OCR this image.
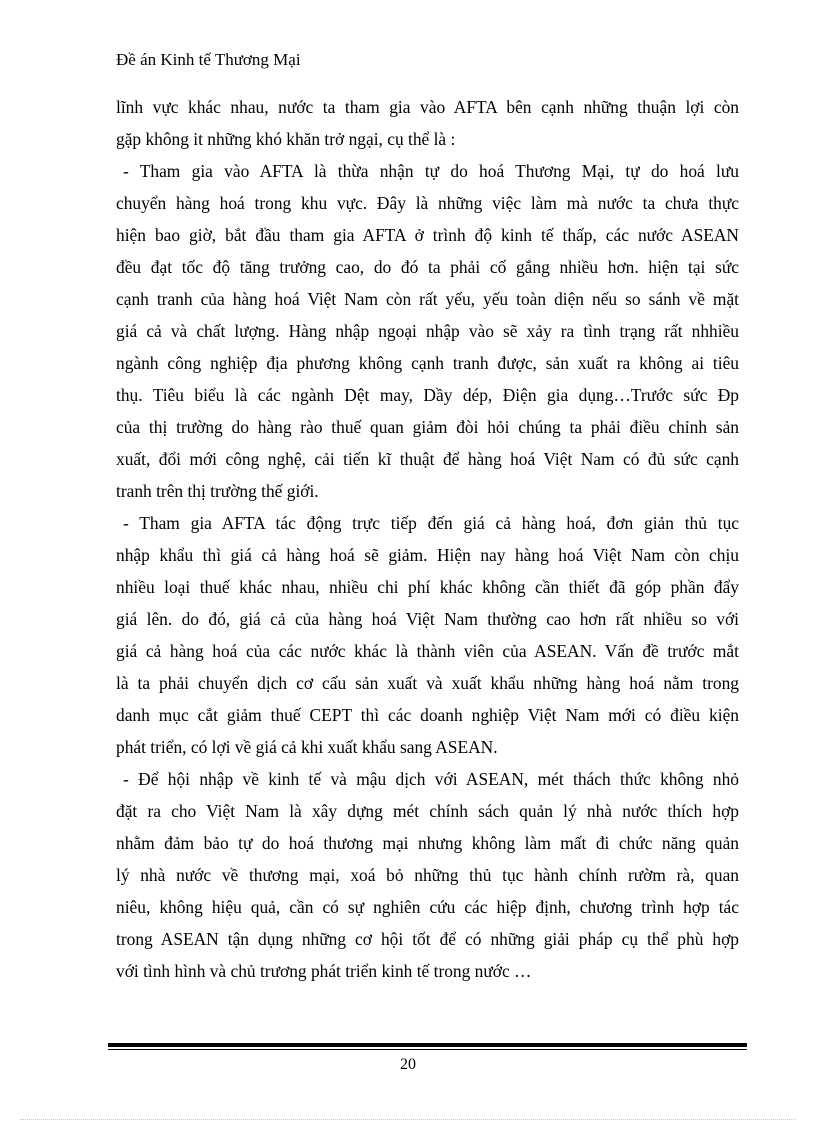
Đề án Kinh tế Thương Mại
lĩnh vực khác nhau, nước ta tham gia vào AFTA bên cạnh những thuận lợi còn
gặp không it những khó khăn trở ngại, cụ thể là :
- Tham gia vào AFTA là thừa nhận tự do hoá Thương Mại, tự do hoá lưu
chuyển hàng hoá trong khu vực. Đây là những việc làm mà nước ta chưa thực
hiện bao giờ, bắt đầu tham gia AFTA ở trình độ kinh tế thấp, các nước ASEAN
đều đạt tốc độ tăng trưởng cao, do đó ta phải cố gắng nhiều hơn. hiện tại sức
cạnh tranh của hàng hoá Việt Nam còn rất yếu, yếu toàn diện nếu so sánh về mặt
giá cả và chất lượng. Hàng nhập ngoại nhập vào sẽ xảy ra tình trạng rất nhhiều
ngành công nghiệp địa phương không cạnh tranh được, sản xuất ra không ai tiêu
thụ. Tiêu biểu là các ngành Dệt may, Dầy dép, Điện gia dụng…Trước sức Ðp
của thị trường do hàng rào thuế quan giảm đòi hỏi chúng ta phải điều chỉnh sản
xuất, đổi mới công nghệ, cải tiến kĩ thuật để hàng hoá Việt Nam có đủ sức cạnh
tranh trên thị trường thế giới.
- Tham gia AFTA tác động trực tiếp đến giá cả hàng hoá, đơn giản thủ tục
nhập khẩu thì giá cả hàng hoá sẽ giảm. Hiện nay hàng hoá Việt Nam còn chịu
nhiều loại thuế khác nhau, nhiều chi phí khác không cần thiết đã góp phần đẩy
giá lên. do đó, giá cả của hàng hoá Việt Nam thường cao hơn rất nhiều so với
giá cả hàng hoá của các nước khác là thành viên của ASEAN. Vấn đề trước mắt
là ta phải chuyển dịch cơ cấu sản xuất và xuất khẩu những hàng hoá nằm trong
danh mục cắt giảm thuế CEPT thì các doanh nghiệp Việt Nam mới có điều kiện
phát triển, có lợi về giá cả khi xuất khẩu sang ASEAN.
- Để hội nhập về kinh tế và mậu dịch với ASEAN, mét thách thức không nhỏ
đặt ra cho Việt Nam là xây dựng mét chính sách quản lý nhà nước thích hợp
nhằm đảm bảo tự do hoá thương mại nhưng không làm mất đi chức năng quản
lý nhà nước về thương mại, xoá bỏ những thủ tục hành chính rườm rà, quan
niêu, không hiệu quả, cần có sự nghiên cứu các hiệp định, chương trình hợp tác
trong ASEAN tận dụng những cơ hội tốt để có những giải pháp cụ thể phù hợp
với tình hình và chủ trương phát triển kinh tế trong nước …
20
